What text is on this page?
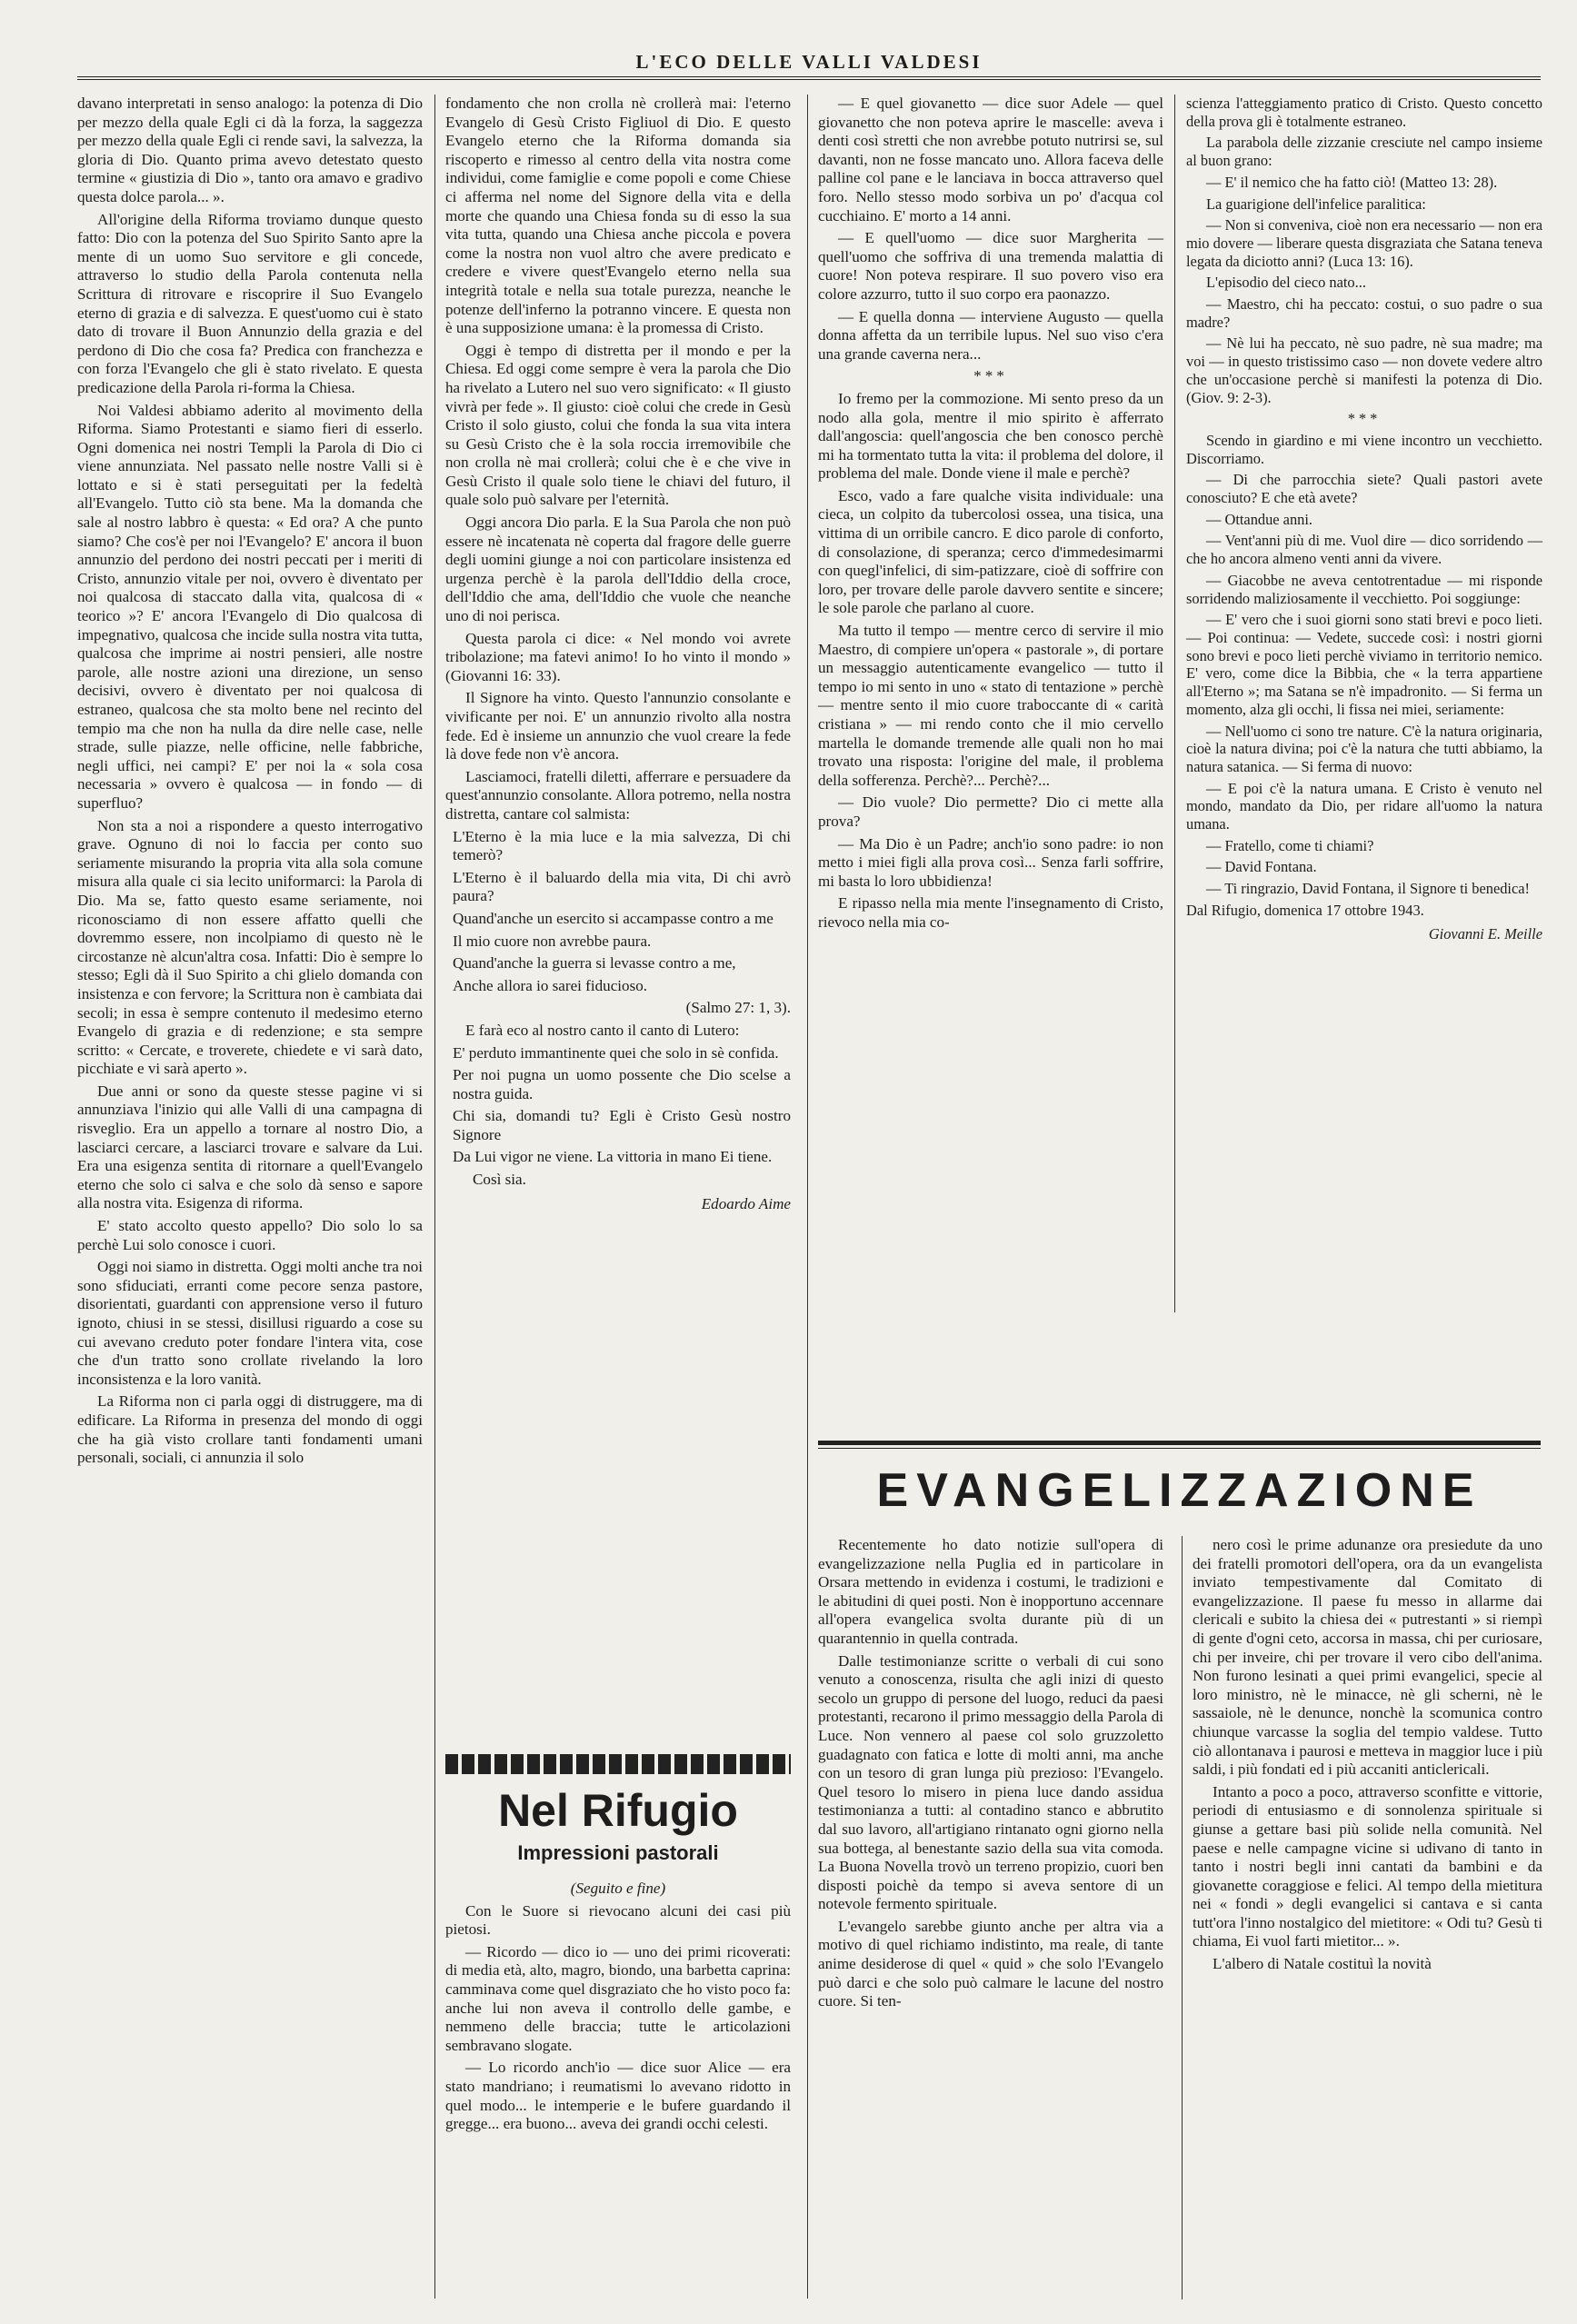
L'ECO DELLE VALLI VALDESI

davano interpretati in senso analogo: la potenza di Dio per mezzo della quale Egli ci dà la forza, la saggezza per mezzo della quale Egli ci rende savi, la salvezza, la gloria di Dio. Quanto prima avevo detestato questo termine « giustizia di Dio », tanto ora amavo e gradivo questa dolce parola... ».

All'origine della Riforma troviamo dunque questo fatto: Dio con la potenza del Suo Spirito Santo apre la mente di un uomo Suo servitore e gli concede, attraverso lo studio della Parola contenuta nella Scrittura di ritrovare e riscoprire il Suo Evangelo eterno di grazia e di salvezza. E quest'uomo cui è stato dato di trovare il Buon Annunzio della grazia e del perdono di Dio che cosa fa? Predica con franchezza e con forza l'Evangelo che gli è stato rivelato. E questa predicazione della Parola ri-forma la Chiesa.

Noi Valdesi abbiamo aderito al movimento della Riforma. Siamo Protestanti e siamo fieri di esserlo. Ogni domenica nei nostri Templi la Parola di Dio ci viene annunziata. Nel passato nelle nostre Valli si è lottato e si è stati perseguitati per la fedeltà all'Evangelo. Tutto ciò sta bene. Ma la domanda che sale al nostro labbro è questa: « Ed ora? A che punto siamo? Che cos'è per noi l'Evangelo? E' ancora il buon annunzio del perdono dei nostri peccati per i meriti di Cristo, annunzio vitale per noi, ovvero è diventato per noi qualcosa di staccato dalla vita, qualcosa di « teorico »? E' ancora l'Evangelo di Dio qualcosa di impegnativo, qualcosa che incide sulla nostra vita tutta, qualcosa che imprime ai nostri pensieri, alle nostre parole, alle nostre azioni una direzione, un senso decisivi, ovvero è diventato per noi qualcosa di estraneo, qualcosa che sta molto bene nel recinto del tempio ma che non ha nulla da dire nelle case, nelle strade, sulle piazze, nelle officine, nelle fabbriche, negli uffici, nei campi? E' per noi la « sola cosa necessaria » ovvero è qualcosa — in fondo — di superfluo?

Non sta a noi a rispondere a questo interrogativo grave. Ognuno di noi lo faccia per conto suo seriamente misurando la propria vita alla sola comune misura alla quale ci sia lecito uniformarci: la Parola di Dio. Ma se, fatto questo esame seriamente, noi riconosciamo di non essere affatto quelli che dovremmo essere, non incolpiamo di questo nè le circostanze nè alcun'altra cosa. Infatti: Dio è sempre lo stesso; Egli dà il Suo Spirito a chi glielo domanda con insistenza e con fervore; la Scrittura non è cambiata dai secoli; in essa è sempre contenuto il medesimo eterno Evangelo di grazia e di redenzione; e sta sempre scritto: « Cercate, e troverete, chiedete e vi sarà dato, picchiate e vi sarà aperto ».

Due anni or sono da queste stesse pagine vi si annunziava l'inizio qui alle Valli di una campagna di risveglio. Era un appello a tornare al nostro Dio, a lasciarci cercare, a lasciarci trovare e salvare da Lui. Era una esigenza sentita di ritornare a quell'Evangelo eterno che solo ci salva e che solo dà senso e sapore alla nostra vita. Esigenza di riforma.

E' stato accolto questo appello? Dio solo lo sa perchè Lui solo conosce i cuori.

Oggi noi siamo in distretta. Oggi molti anche tra noi sono sfiduciati, erranti come pecore senza pastore, disorientati, guardanti con apprensione verso il futuro ignoto, chiusi in se stessi, disillusi riguardo a cose su cui avevano creduto poter fondare l'intera vita, cose che d'un tratto sono crollate rivelando la loro inconsistenza e la loro vanità.

La Riforma non ci parla oggi di distruggere, ma di edificare. La Riforma in presenza del mondo di oggi che ha già visto crollare tanti fondamenti umani personali, sociali, ci annunzia il solo

fondamento che non crolla nè crollerà mai: l'eterno Evangelo di Gesù Cristo Figliuol di Dio. E questo Evangelo eterno che la Riforma domanda sia riscoperto e rimesso al centro della vita nostra come individui, come famiglie e come popoli e come Chiese ci afferma nel nome del Signore della vita e della morte che quando una Chiesa fonda su di esso la sua vita tutta, quando una Chiesa anche piccola e povera come la nostra non vuol altro che avere predicato e credere e vivere quest'Evangelo eterno nella sua integrità totale e nella sua totale purezza, neanche le potenze dell'inferno la potranno vincere. E questa non è una supposizione umana: è la promessa di Cristo.

Oggi è tempo di distretta per il mondo e per la Chiesa. Ed oggi come sempre è vera la parola che Dio ha rivelato a Lutero nel suo vero significato: « Il giusto vivrà per fede ». Il giusto: cioè colui che crede in Gesù Cristo il solo giusto, colui che fonda la sua vita intera su Gesù Cristo che è la sola roccia irremovibile che non crolla nè mai crollerà; colui che è e che vive in Gesù Cristo il quale solo tiene le chiavi del futuro, il quale solo può salvare per l'eternità.

Oggi ancora Dio parla. E la Sua Parola che non può essere nè incatenata nè coperta dal fragore delle guerre degli uomini giunge a noi con particolare insistenza ed urgenza perchè è la parola dell'Iddio della croce, dell'Iddio che ama, dell'Iddio che vuole che neanche uno di noi perisca.

Questa parola ci dice: « Nel mondo voi avrete tribolazione; ma fatevi animo! Io ho vinto il mondo » (Giovanni 16: 33).

Il Signore ha vinto. Questo l'annunzio consolante e vivificante per noi. E' un annunzio rivolto alla nostra fede. Ed è insieme un annunzio che vuol creare la fede là dove fede non v'è ancora.

Lasciamoci, fratelli diletti, afferrare e persuadere da quest'annunzio consolante. Allora potremo, nella nostra distretta, cantare col salmista:

L'Eterno è la mia luce e la mia salvezza, Di chi temerò?

L'Eterno è il baluardo della mia vita, Di chi avrò paura?

Quand'anche un esercito si accampasse contro a me

Il mio cuore non avrebbe paura.

Quand'anche la guerra si levasse contro a me,

Anche allora io sarei fiducioso.

(Salmo 27: 1, 3).

E farà eco al nostro canto il canto di Lutero:

E' perduto immantinente quei che solo in sè confida.

Per noi pugna un uomo possente che Dio scelse a nostra guida.

Chi sia, domandi tu? Egli è Cristo Gesù nostro Signore

Da Lui vigor ne viene. La vittoria in mano Ei tiene.

Così sia.

Edoardo Aime

Nel Rifugio
Impressioni pastorali

(Seguito e fine)

Con le Suore si rievocano alcuni dei casi più pietosi.

— Ricordo — dico io — uno dei primi ricoverati: di media età, alto, magro, biondo, una barbetta caprina: camminava come quel disgraziato che ho visto poco fa: anche lui non aveva il controllo delle gambe, e nemmeno delle braccia; tutte le articolazioni sembravano slogate.

— Lo ricordo anch'io — dice suor Alice — era stato mandriano; i reumatismi lo avevano ridotto in quel modo... le intemperie e le bufere guardando il gregge... era buono... aveva dei grandi occhi celesti.

— E quel giovanetto — dice suor Adele — quel giovanetto che non poteva aprire le mascelle: aveva i denti così stretti che non avrebbe potuto nutrirsi se, sul davanti, non ne fosse mancato uno. Allora faceva delle palline col pane e le lanciava in bocca attraverso quel foro. Nello stesso modo sorbiva un po' d'acqua col cucchiaino. E' morto a 14 anni.

— E quell'uomo — dice suor Margherita — quell'uomo che soffriva di una tremenda malattia di cuore! Non poteva respirare. Il suo povero viso era colore azzurro, tutto il suo corpo era paonazzo.

— E quella donna — interviene Augusto — quella donna affetta da un terribile lupus. Nel suo viso c'era una grande caverna nera...

***

Io fremo per la commozione. Mi sento preso da un nodo alla gola, mentre il mio spirito è afferrato dall'angoscia: quell'angoscia che ben conosco perchè mi ha tormentato tutta la vita: il problema del dolore, il problema del male. Donde viene il male e perchè?

Esco, vado a fare qualche visita individuale: una cieca, un colpito da tubercolosi ossea, una tisica, una vittima di un orribile cancro. E dico parole di conforto, di consolazione, di speranza; cerco d'immedesimarmi con quegl'infelici, di sim-patizzare, cioè di soffrire con loro, per trovare delle parole davvero sentite e sincere; le sole parole che parlano al cuore.

Ma tutto il tempo — mentre cerco di servire il mio Maestro, di compiere un'opera « pastorale », di portare un messaggio autenticamente evangelico — tutto il tempo io mi sento in uno « stato di tentazione » perchè — mentre sento il mio cuore traboccante di « carità cristiana » — mi rendo conto che il mio cervello martella le domande tremende alle quali non ho mai trovato una risposta: l'origine del male, il problema della sofferenza. Perchè?... Perchè?...

— Dio vuole? Dio permette? Dio ci mette alla prova?

— Ma Dio è un Padre; anch'io sono padre: io non metto i miei figli alla prova così... Senza farli soffrire, mi basta lo loro ubbidienza!

E ripasso nella mia mente l'insegnamento di Cristo, rievoco nella mia co-

scienza l'atteggiamento pratico di Cristo. Questo concetto della prova gli è totalmente estraneo.

La parabola delle zizzanie cresciute nel campo insieme al buon grano:

— E' il nemico che ha fatto ciò! (Matteo 13: 28).

La guarigione dell'infelice paralitica:

— Non si conveniva, cioè non era necessario — non era mio dovere — liberare questa disgraziata che Satana teneva legata da diciotto anni? (Luca 13: 16).

L'episodio del cieco nato...

— Maestro, chi ha peccato: costui, o suo padre o sua madre?

— Nè lui ha peccato, nè suo padre, nè sua madre; ma voi — in questo tristissimo caso — non dovete vedere altro che un'occasione perchè si manifesti la potenza di Dio. (Giov. 9: 2-3).

***

Scendo in giardino e mi viene incontro un vecchietto. Discorriamo.

— Di che parrocchia siete? Quali pastori avete conosciuto? E che età avete?

— Ottandue anni.

— Vent'anni più di me. Vuol dire — dico sorridendo — che ho ancora almeno venti anni da vivere.

— Giacobbe ne aveva centotrentadue — mi risponde sorridendo maliziosamente il vecchietto. Poi soggiunge:

— E' vero che i suoi giorni sono stati brevi e poco lieti. — Poi continua: — Vedete, succede così: i nostri giorni sono brevi e poco lieti perchè viviamo in territorio nemico. E' vero, come dice la Bibbia, che « la terra appartiene all'Eterno »; ma Satana se n'è impadronito. — Si ferma un momento, alza gli occhi, li fissa nei miei, seriamente:

— Nell'uomo ci sono tre nature. C'è la natura originaria, cioè la natura divina; poi c'è la natura che tutti abbiamo, la natura satanica. — Si ferma di nuovo:

— E poi c'è la natura umana. E Cristo è venuto nel mondo, mandato da Dio, per ridare all'uomo la natura umana.

— Fratello, come ti chiami?

— David Fontana.

— Ti ringrazio, David Fontana, il Signore ti benedica!

Dal Rifugio, domenica 17 ottobre 1943.

Giovanni E. Meille

EVANGELIZZAZIONE

Recentemente ho dato notizie sull'opera di evangelizzazione nella Puglia ed in particolare in Orsara mettendo in evidenza i costumi, le tradizioni e le abitudini di quei posti. Non è inopportuno accennare all'opera evangelica svolta durante più di un quarantennio in quella contrada.

Dalle testimonianze scritte o verbali di cui sono venuto a conoscenza, risulta che agli inizi di questo secolo un gruppo di persone del luogo, reduci da paesi protestanti, recarono il primo messaggio della Parola di Luce. Non vennero al paese col solo gruzzoletto guadagnato con fatica e lotte di molti anni, ma anche con un tesoro di gran lunga più prezioso: l'Evangelo. Quel tesoro lo misero in piena luce dando assidua testimonianza a tutti: al contadino stanco e abbrutito dal suo lavoro, all'artigiano rintanato ogni giorno nella sua bottega, al benestante sazio della sua vita comoda. La Buona Novella trovò un terreno propizio, cuori ben disposti poichè da tempo si aveva sentore di un notevole fermento spirituale.

L'evangelo sarebbe giunto anche per altra via a motivo di quel richiamo indistinto, ma reale, di tante anime desiderose di quel « quid » che solo l'Evangelo può darci e che solo può calmare le lacune del nostro cuore. Si ten-

nero così le prime adunanze ora presiedute da uno dei fratelli promotori dell'opera, ora da un evangelista inviato tempestivamente dal Comitato di evangelizzazione. Il paese fu messo in allarme dai clericali e subito la chiesa dei « putrestanti » si riempì di gente d'ogni ceto, accorsa in massa, chi per curiosare, chi per inveire, chi per trovare il vero cibo dell'anima. Non furono lesinati a quei primi evangelici, specie al loro ministro, nè le minacce, nè gli scherni, nè le sassaiole, nè le denunce, nonchè la scomunica contro chiunque varcasse la soglia del tempio valdese. Tutto ciò allontanava i paurosi e metteva in maggior luce i più saldi, i più fondati ed i più accaniti anticlericali.

Intanto a poco a poco, attraverso sconfitte e vittorie, periodi di entusiasmo e di sonnolenza spirituale si giunse a gettare basi più solide nella comunità. Nel paese e nelle campagne vicine si udivano di tanto in tanto i nostri begli inni cantati da bambini e da giovanette coraggiose e felici. Al tempo della mietitura nei « fondi » degli evangelici si cantava e si canta tutt'ora l'inno nostalgico del mietitore: « Odi tu? Gesù ti chiama, Ei vuol farti mietitor... ».

L'albero di Natale costituì la novità
